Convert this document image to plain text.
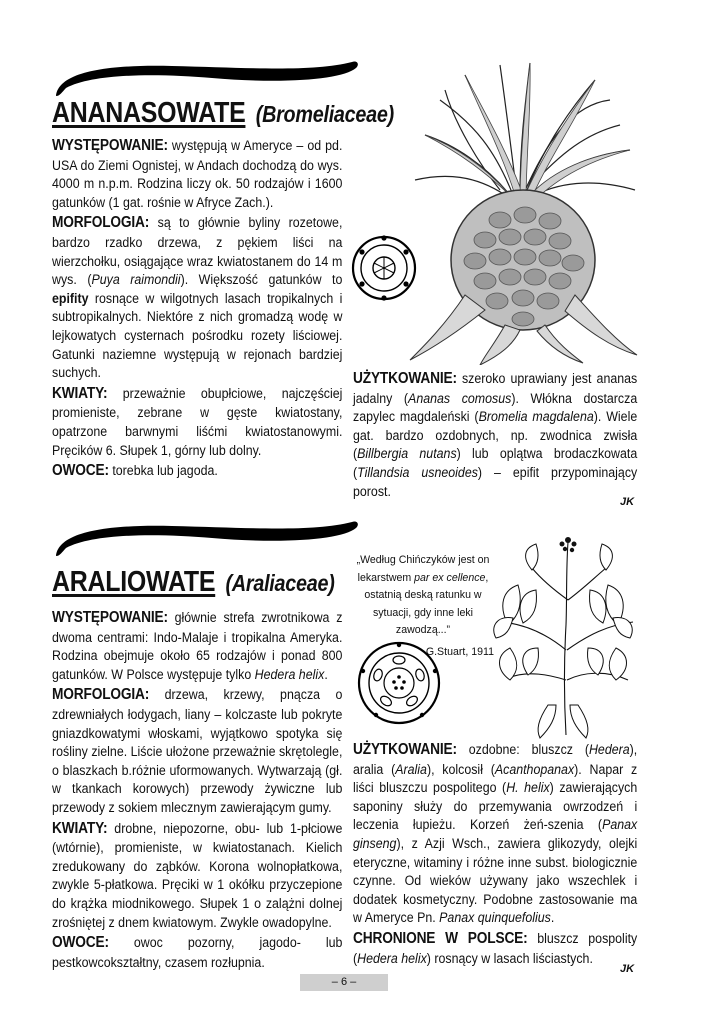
ANANASOWATE (Bromeliaceae)

WYSTĘPOWANIE: występują w Ameryce – od pd. USA do Ziemi Ognistej, w Andach dochodzą do wys. 4000 m n.p.m. Rodzina liczy ok. 50 rodzajów i 1600 gatunków (1 gat. rośnie w Afryce Zach.).

MORFOLOGIA: są to głównie byliny rozetowe, bardzo rzadko drzewa, z pękiem liści na wierzchołku, osiągające wraz kwiatostanem do 14 m wys. (Puya raimondii). Większość gatunków to epifity rosnące w wilgotnych lasach tropikalnych i subtropikalnych. Niektóre z nich gromadzą wodę w lejkowatych cysternach pośrodku rozety liściowej. Gatunki naziemne występują w rejonach bardziej suchych.

KWIATY: przeważnie obupłciowe, najczęściej promieniste, zebrane w gęste kwiatostany, opatrzone barwnymi liśćmi kwiatostanowymi. Pręcików 6. Słupek 1, górny lub dolny.

OWOCE: torebka lub jagoda.

UŻYTKOWANIE: szeroko uprawiany jest ananas jadalny (Ananas comosus). Włókna dostarcza zapylec magdaleński (Bromelia magdalena). Wiele gat. bardzo ozdobnych, np. zwodnica zwisła (Billbergia nutans) lub oplątwa brodaczkowata (Tillandsia usneoides) – epifit przypominający porost.

JK
ARALIOWATE (Araliaceae)

WYSTĘPOWANIE: głównie strefa zwrotnikowa z dwoma centrami: Indo-Malaje i tropikalna Ameryka. Rodzina obejmuje około 65 rodzajów i ponad 800 gatunków. W Polsce występuje tylko Hedera helix.

MORFOLOGIA: drzewa, krzewy, pnącza o zdrewniałych łodygach, liany – kolczaste lub pokryte gniazdkowatymi włoskami, wyjątkowo spotyka się rośliny zielne. Liście ułożone przeważnie skrętolegle, o blaszkach b.różnie uformowanych. Wytwarzają (gł. w tkankach korowych) przewody żywiczne lub przewody z sokiem mlecznym zawierającym gumy.

KWIATY: drobne, niepozorne, obu- lub 1-płciowe (wtórnie), promieniste, w kwiatostanach. Kielich zredukowany do ząbków. Korona wolnopłatkowa, zwykle 5-płatkowa. Pręciki w 1 okółku przyczepione do krążka miodnikowego. Słupek 1 o zalążni dolnej zrośniętej z dnem kwiatowym. Zwykle owadopylne.

OWOCE: owoc pozorny, jagodo- lub pestkowcokształtny, czasem rozłupnia.

„Według Chińczyków jest on lekarstwem par ex cellence, ostatnią deską ratunku w sytuacji, gdy inne leki zawodzą...”
G.Stuart, 1911

UŻYTKOWANIE: ozdobne: bluszcz (Hedera), aralia (Aralia), kolcosił (Acanthopanax). Napar z liści bluszczu pospolitego (H. helix) zawierających saponiny służy do przemywania owrzodzeń i leczenia łupieżu. Korzeń żeń-szenia (Panax ginseng), z Azji Wsch., zawiera glikozydy, olejki eteryczne, witaminy i różne inne subst. biologicznie czynne. Od wieków używany jako wszechlek i dodatek kosmetyczny. Podobne zastosowanie ma w Ameryce Pn. Panax quinquefolius.

CHRONIONE W POLSCE: bluszcz pospolity (Hedera helix) rosnący w lasach liściastych.

JK
– 6 –
